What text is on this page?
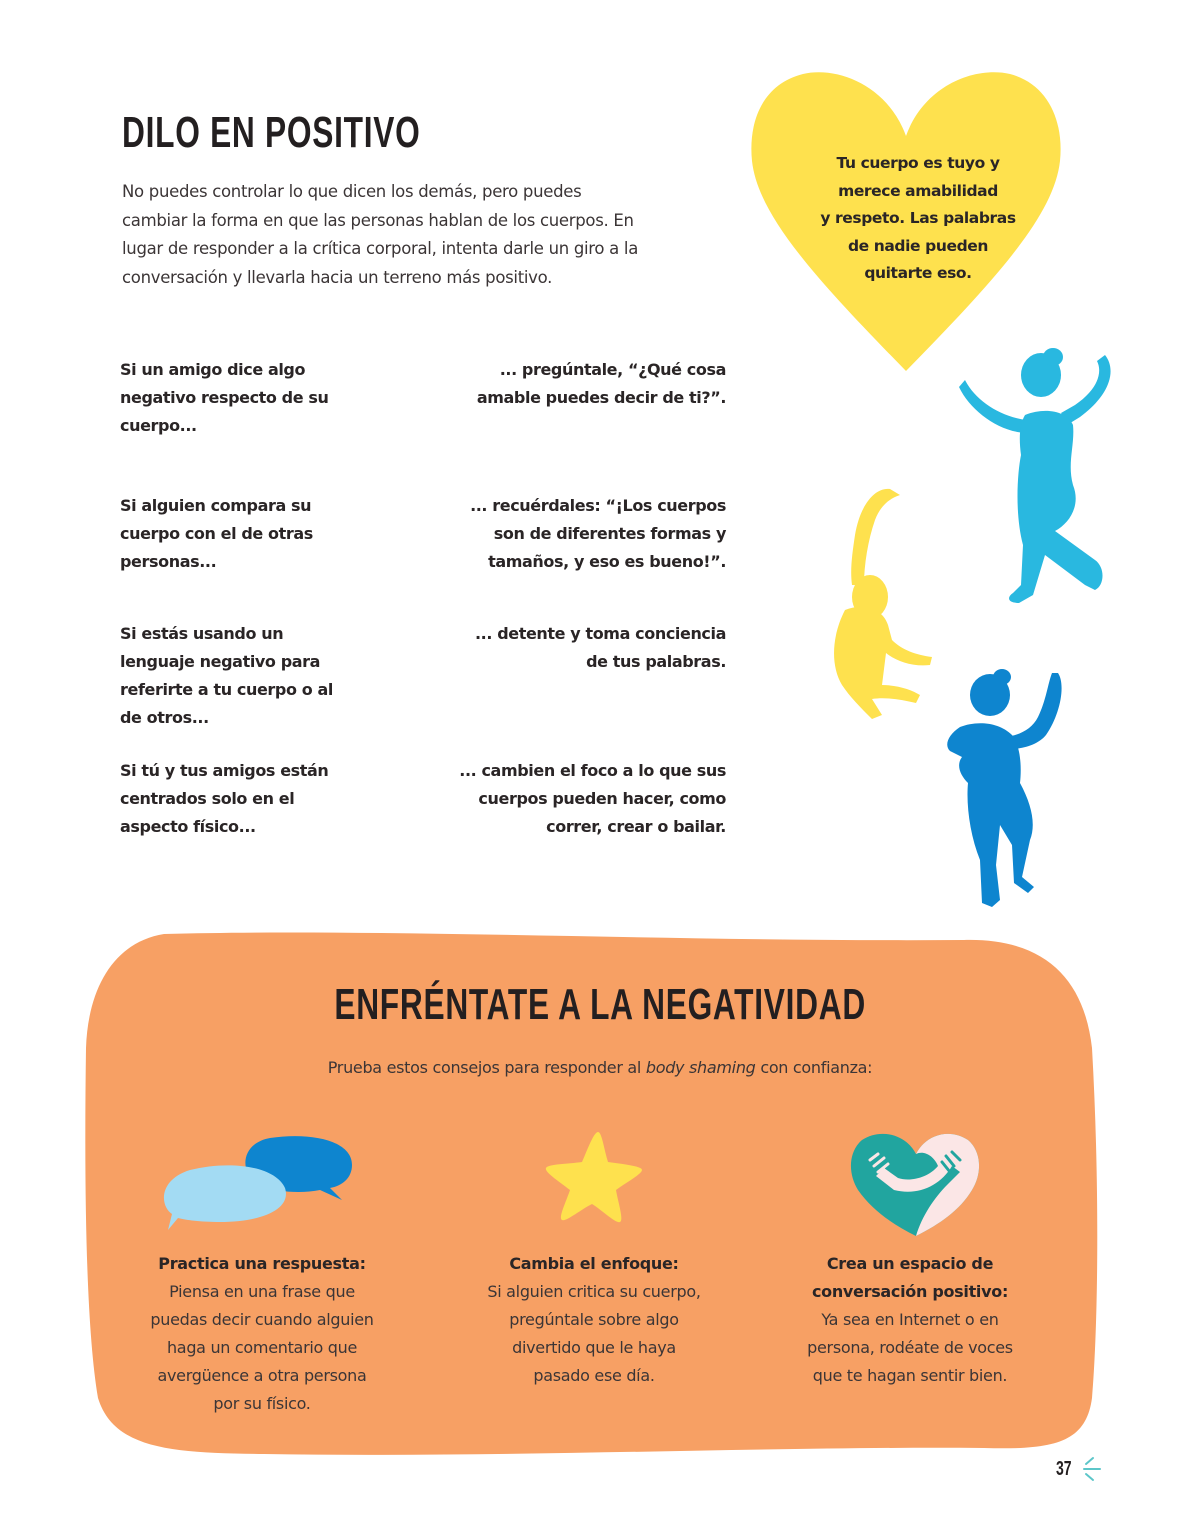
DILO EN POSITIVO
No puedes controlar lo que dicen los demás, pero puedes
cambiar la forma en que las personas hablan de los cuerpos. En
lugar de responder a la crítica corporal, intenta darle un giro a la
conversación y llevarla hacia un terreno más positivo.
Si un amigo dice algo
negativo respecto de su
cuerpo...
... pregúntale, “¿Qué cosa
amable puedes decir de ti?”.
Si alguien compara su
cuerpo con el de otras
personas...
... recuérdales: “¡Los cuerpos
son de diferentes formas y
tamaños, y eso es bueno!”.
Si estás usando un
lenguaje negativo para
referirte a tu cuerpo o al
de otros...
... detente y toma conciencia
de tus palabras.
Si tú y tus amigos están
centrados solo en el
aspecto físico...
... cambien el foco a lo que sus
cuerpos pueden hacer, como
correr, crear o bailar.
Tu cuerpo es tuyo y
merece amabilidad
y respeto. Las palabras
de nadie pueden
quitarte eso.
ENFRÉNTATE A LA NEGATIVIDAD
Prueba estos consejos para responder al body shaming con confianza:
Practica una respuesta:
Piensa en una frase que
puedas decir cuando alguien
haga un comentario que
avergüence a otra persona
por su físico.
Cambia el enfoque:
Si alguien critica su cuerpo,
pregúntale sobre algo
divertido que le haya
pasado ese día.
Crea un espacio de
conversación positivo:
Ya sea en Internet o en
persona, rodéate de voces
que te hagan sentir bien.
37
